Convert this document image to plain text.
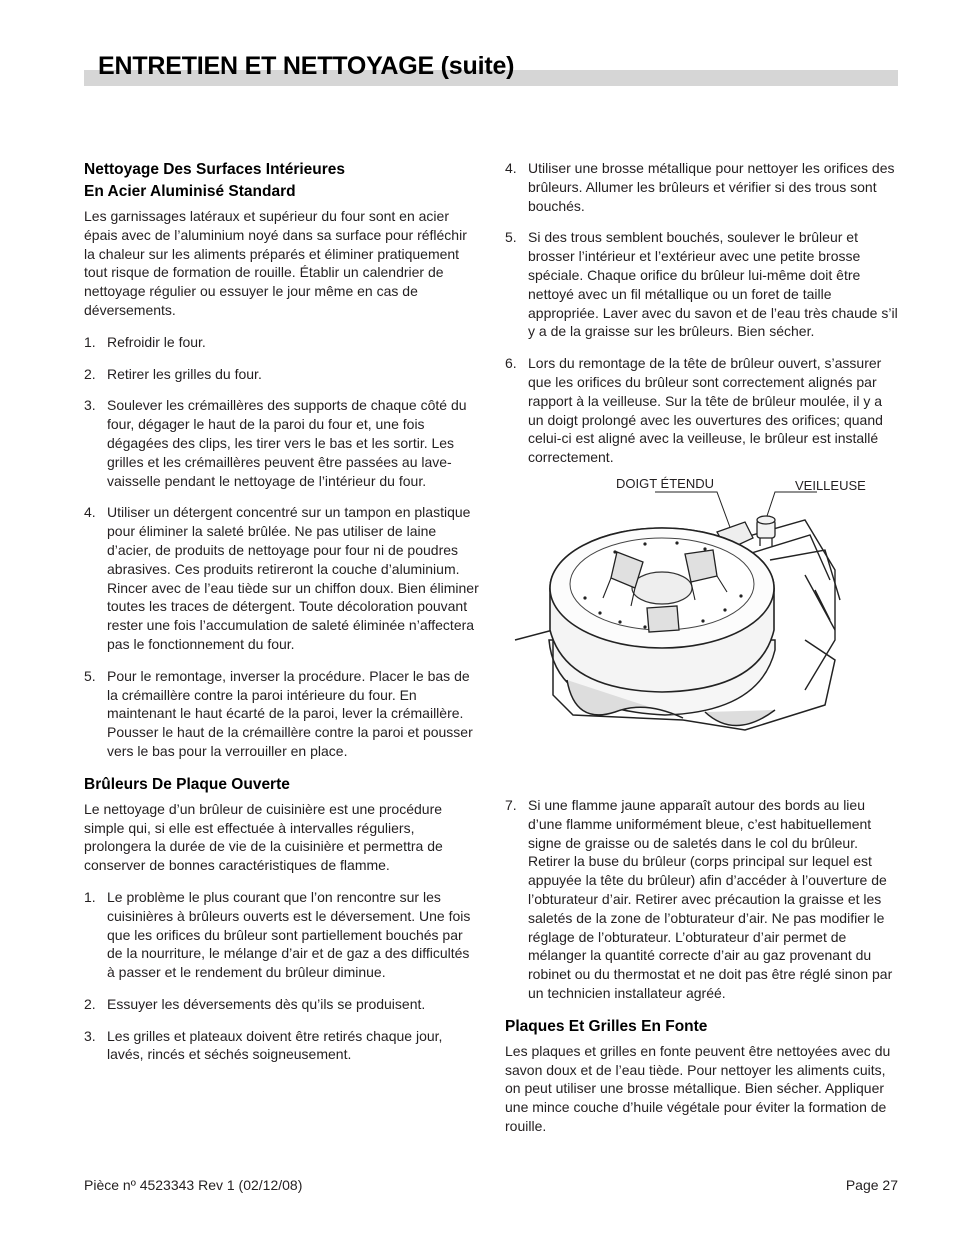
ENTRETIEN ET NETTOYAGE (suite)
Nettoyage Des Surfaces Intérieures
En Acier Aluminisé Standard

Les garnissages latéraux et supérieur du four sont en acier épais avec de l’aluminium noyé dans sa surface pour réfléchir la chaleur sur les aliments préparés et éliminer pratiquement tout risque de formation de rouille. Établir un calendrier de nettoyage régulier ou essuyer le jour même en cas de déversements.

1. Refroidir le four.
2. Retirer les grilles du four.
3. Soulever les crémaillères des supports de chaque côté du four, dégager le haut de la paroi du four et, une fois dégagées des clips, les tirer vers le bas et les sortir. Les grilles et les crémaillères peuvent être passées au lave-vaisselle pendant le nettoyage de l’intérieur du four.
4. Utiliser un détergent concentré sur un tampon en plastique pour éliminer la saleté brûlée. Ne pas utiliser de laine d’acier, de produits de nettoyage pour four ni de poudres abrasives. Ces produits retireront la couche d’aluminium. Rincer avec de l’eau tiède sur un chiffon doux. Bien éliminer toutes les traces de détergent. Toute décoloration pouvant rester une fois l’accumulation de saleté éliminée n’affectera pas le fonctionnement du four.
5. Pour le remontage, inverser la procédure. Placer le bas de la crémaillère contre la paroi intérieure du four. En maintenant le haut écarté de la paroi, lever la crémaillère. Pousser le haut de la crémaillère contre la paroi et pousser vers le bas pour la verrouiller en place.
Brûleurs De Plaque Ouverte

Le nettoyage d’un brûleur de cuisinière est une procédure simple qui, si elle est effectuée à intervalles réguliers, prolongera la durée de vie de la cuisinière et permettra de conserver de bonnes caractéristiques de flamme.

1. Le problème le plus courant que l’on rencontre sur les cuisinières à brûleurs ouverts est le déversement. Une fois que les orifices du brûleur sont partiellement bouchés par de la nourriture, le mélange d’air et de gaz a des difficultés à passer et le rendement du brûleur diminue.
2. Essuyer les déversements dès qu’ils se produisent.
3. Les grilles et plateaux doivent être retirés chaque jour, lavés, rincés et séchés soigneusement.
4. Utiliser une brosse métallique pour nettoyer les orifices des brûleurs. Allumer les brûleurs et vérifier si des trous sont bouchés.
5. Si des trous semblent bouchés, soulever le brûleur et brosser l’intérieur et l’extérieur avec une petite brosse spéciale. Chaque orifice du brûleur lui-même doit être nettoyé avec un fil métallique ou un foret de taille appropriée. Laver avec du savon et de l’eau très chaude s’il y a de la graisse sur les brûleurs. Bien sécher.
6. Lors du remontage de la tête de brûleur ouvert, s’assurer que les orifices du brûleur sont correctement alignés par rapport à la veilleuse. Sur la tête de brûleur moulée, il y a un doigt prolongé avec les ouvertures des orifices; quand celui-ci est aligné avec la veilleuse, le brûleur est installé correctement.
DOIGT ÉTENDU	VEILLEUSE
7. Si une flamme jaune apparaît autour des bords au lieu d’une flamme uniformément bleue, c’est habituellement signe de graisse ou de saletés dans le col du brûleur. Retirer la buse du brûleur (corps principal sur lequel est appuyée la tête du brûleur) afin d’accéder à l’ouverture de l’obturateur d’air. Retirer avec précaution la graisse et les saletés de la zone de l’obturateur d’air. Ne pas modifier le réglage de l’obturateur. L’obturateur d’air permet de mélanger la quantité correcte d’air au gaz provenant du robinet ou du thermostat et ne doit pas être réglé sinon par un technicien installateur agréé.
Plaques Et Grilles En Fonte

Les plaques et grilles en fonte peuvent être nettoyées avec du savon doux et de l’eau tiède. Pour nettoyer les aliments cuits, on peut utiliser une brosse métallique. Bien sécher. Appliquer une mince couche d’huile végétale pour éviter la formation de rouille.

Pièce nº 4523343 Rev 1 (02/12/08)	Page 27
